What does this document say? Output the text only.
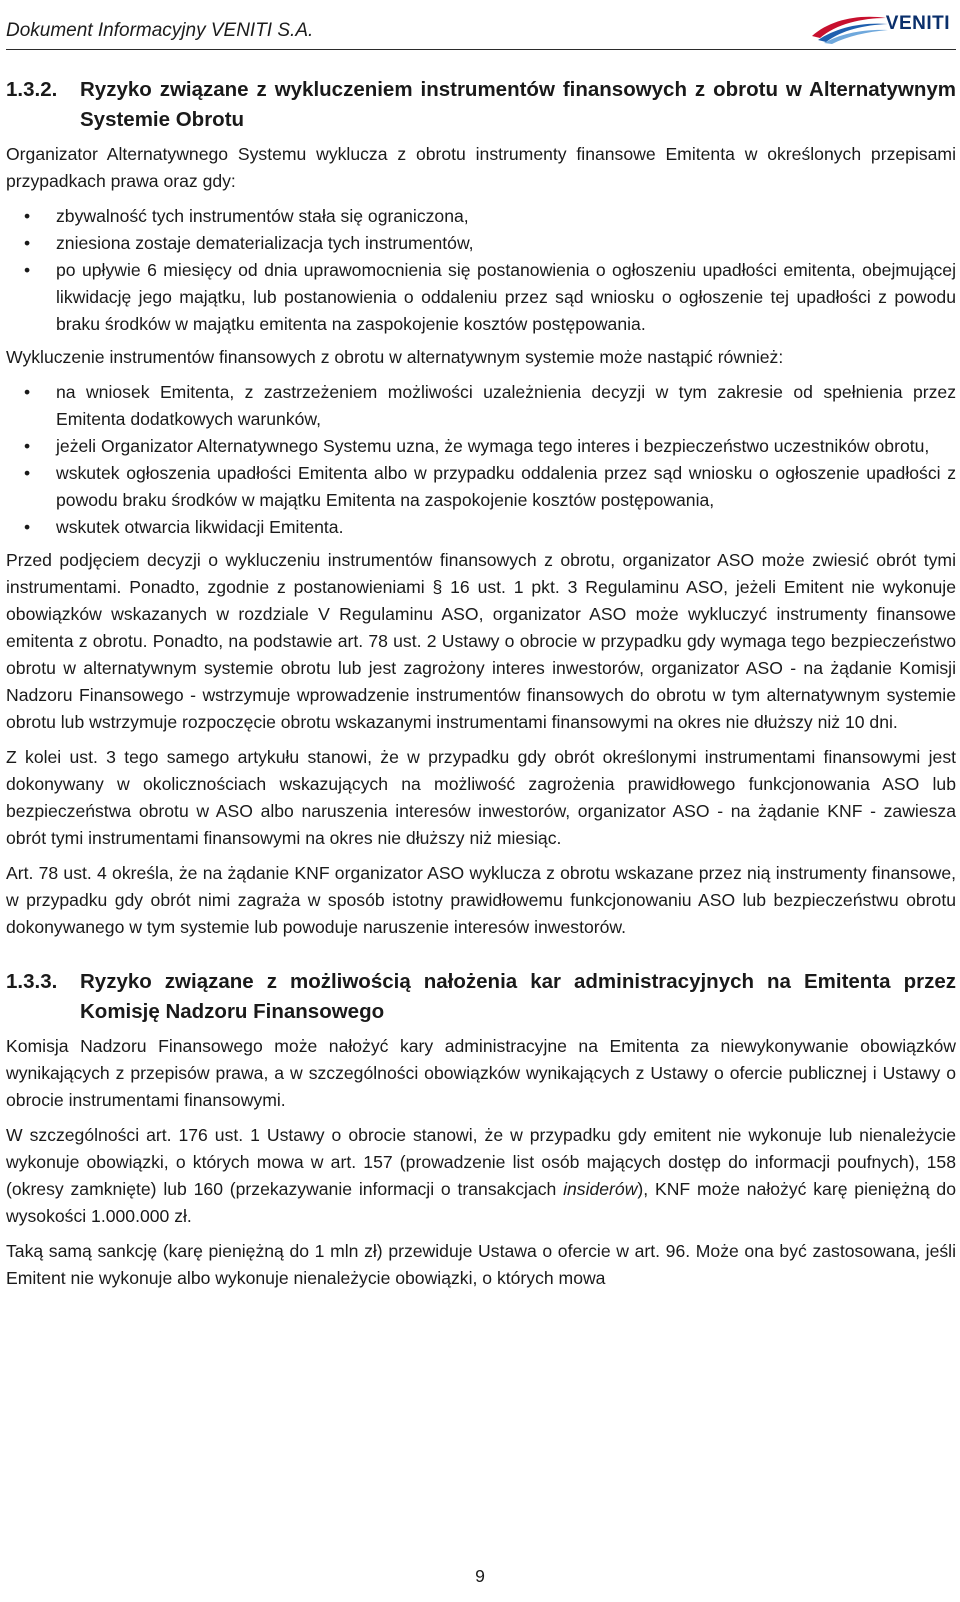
Dokument Informacyjny VENITI S.A.	VENITI
1.3.2.	Ryzyko związane z wykluczeniem instrumentów finansowych z obrotu w Alternatywnym Systemie Obrotu

Organizator Alternatywnego Systemu wyklucza z obrotu instrumenty finansowe Emitenta w określonych przepisami przypadkach prawa oraz gdy:

• zbywalność tych instrumentów stała się ograniczona,
• zniesiona zostaje dematerializacja tych instrumentów,
• po upływie 6 miesięcy od dnia uprawomocnienia się postanowienia o ogłoszeniu upadłości emitenta, obejmującej likwidację jego majątku, lub postanowienia o oddaleniu przez sąd wniosku o ogłoszenie tej upadłości z powodu braku środków w majątku emitenta na zaspokojenie kosztów postępowania.

Wykluczenie instrumentów finansowych z obrotu w alternatywnym systemie może nastąpić również:

• na wniosek Emitenta, z zastrzeżeniem możliwości uzależnienia decyzji w tym zakresie od spełnienia przez Emitenta dodatkowych warunków,
• jeżeli Organizator Alternatywnego Systemu uzna, że wymaga tego interes i bezpieczeństwo uczestników obrotu,
• wskutek ogłoszenia upadłości Emitenta albo w przypadku oddalenia przez sąd wniosku o ogłoszenie upadłości z powodu braku środków w majątku Emitenta na zaspokojenie kosztów postępowania,
• wskutek otwarcia likwidacji Emitenta.

Przed podjęciem decyzji o wykluczeniu instrumentów finansowych z obrotu, organizator ASO może zwiesić obrót tymi instrumentami. Ponadto, zgodnie z postanowieniami § 16 ust. 1 pkt. 3 Regulaminu ASO, jeżeli Emitent nie wykonuje obowiązków wskazanych w rozdziale V Regulaminu ASO, organizator ASO może wykluczyć instrumenty finansowe emitenta z obrotu. Ponadto, na podstawie art. 78 ust. 2 Ustawy o obrocie w przypadku gdy wymaga tego bezpieczeństwo obrotu w alternatywnym systemie obrotu lub jest zagrożony interes inwestorów, organizator ASO - na żądanie Komisji Nadzoru Finansowego - wstrzymuje wprowadzenie instrumentów finansowych do obrotu w tym alternatywnym systemie obrotu lub wstrzymuje rozpoczęcie obrotu wskazanymi instrumentami finansowymi na okres nie dłuższy niż 10 dni.

Z kolei ust. 3 tego samego artykułu stanowi, że w przypadku gdy obrót określonymi instrumentami finansowymi jest dokonywany w okolicznościach wskazujących na możliwość zagrożenia prawidłowego funkcjonowania ASO lub bezpieczeństwa obrotu w ASO albo naruszenia interesów inwestorów, organizator ASO - na żądanie KNF - zawiesza obrót tymi instrumentami finansowymi na okres nie dłuższy niż miesiąc.

Art. 78 ust. 4 określa, że na żądanie KNF organizator ASO wyklucza z obrotu wskazane przez nią instrumenty finansowe, w przypadku gdy obrót nimi zagraża w sposób istotny prawidłowemu funkcjonowaniu ASO lub bezpieczeństwu obrotu dokonywanego w tym systemie lub powoduje naruszenie interesów inwestorów.

1.3.3.	Ryzyko związane z możliwością nałożenia kar administracyjnych na Emitenta przez Komisję Nadzoru Finansowego

Komisja Nadzoru Finansowego może nałożyć kary administracyjne na Emitenta za niewykonywanie obowiązków wynikających z przepisów prawa, a w szczególności obowiązków wynikających z Ustawy o ofercie publicznej i Ustawy o obrocie instrumentami finansowymi.

W szczególności art. 176 ust. 1 Ustawy o obrocie stanowi, że w przypadku gdy emitent nie wykonuje lub nienależycie wykonuje obowiązki, o których mowa w art. 157 (prowadzenie list osób mających dostęp do informacji poufnych), 158 (okresy zamknięte) lub 160 (przekazywanie informacji o transakcjach insiderów), KNF może nałożyć karę pieniężną do wysokości 1.000.000 zł.

Taką samą sankcję (karę pieniężną do 1 mln zł) przewiduje Ustawa o ofercie w art. 96. Może ona być zastosowana, jeśli Emitent nie wykonuje albo wykonuje nienależycie obowiązki, o których mowa

9
